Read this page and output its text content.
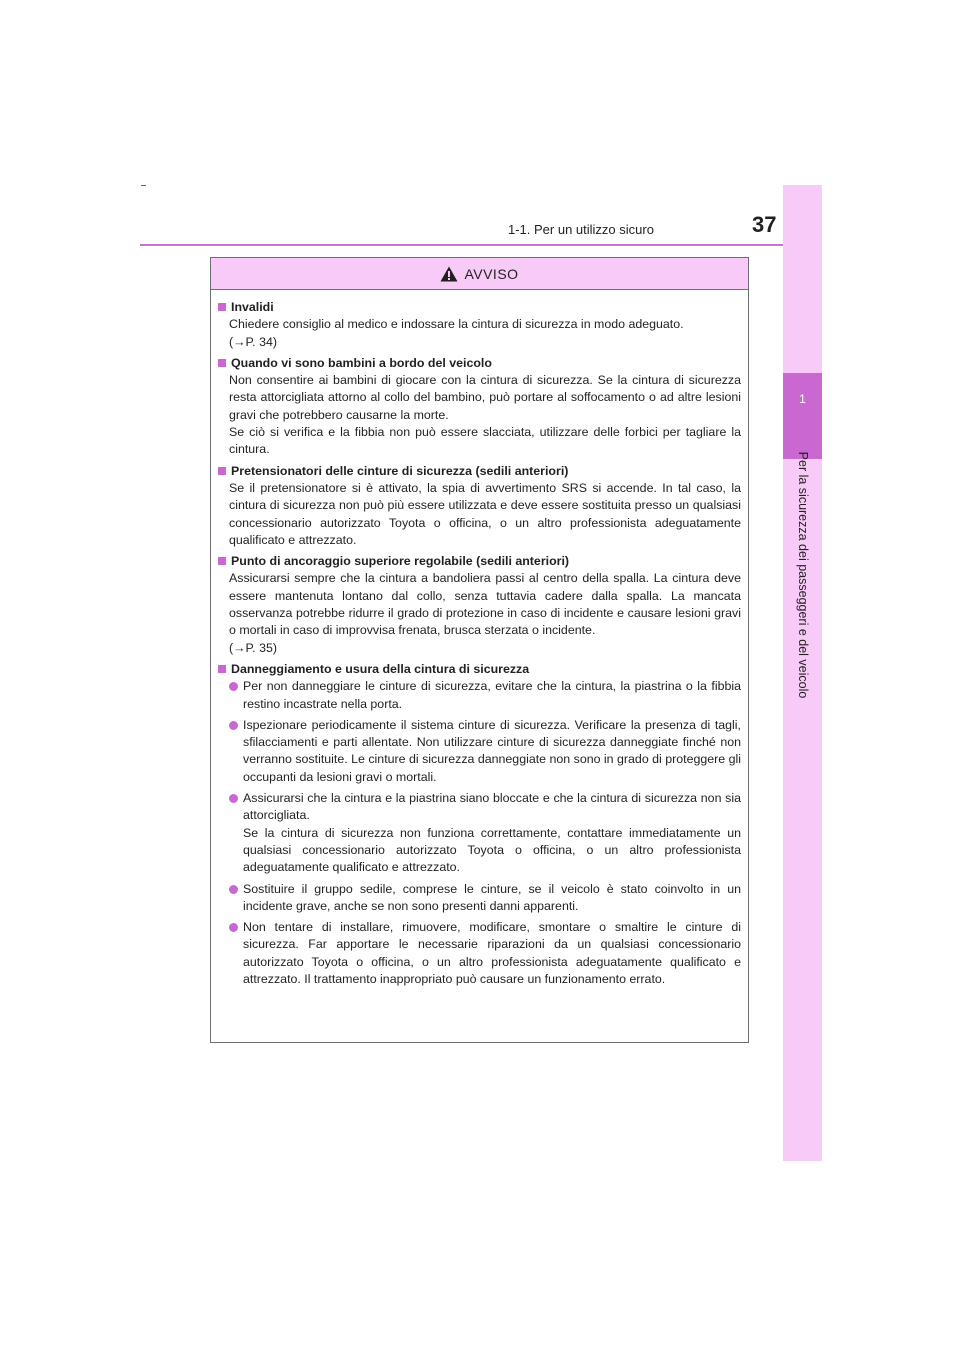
1-1. Per un utilizzo sicuro	37
1
Per la sicurezza dei passeggeri e del veicolo
AVVISO
Invalidi
Chiedere consiglio al medico e indossare la cintura di sicurezza in modo adeguato.
(→P. 34)
Quando vi sono bambini a bordo del veicolo
Non consentire ai bambini di giocare con la cintura di sicurezza. Se la cintura di sicurezza resta attorcigliata attorno al collo del bambino, può portare al soffocamento o ad altre lesioni gravi che potrebbero causarne la morte.
Se ciò si verifica e la fibbia non può essere slacciata, utilizzare delle forbici per tagliare la cintura.
Pretensionatori delle cinture di sicurezza (sedili anteriori)
Se il pretensionatore si è attivato, la spia di avvertimento SRS si accende. In tal caso, la cintura di sicurezza non può più essere utilizzata e deve essere sostituita presso un qualsiasi concessionario autorizzato Toyota o officina, o un altro professionista adeguatamente qualificato e attrezzato.
Punto di ancoraggio superiore regolabile (sedili anteriori)
Assicurarsi sempre che la cintura a bandoliera passi al centro della spalla. La cintura deve essere mantenuta lontano dal collo, senza tuttavia cadere dalla spalla. La mancata osservanza potrebbe ridurre il grado di protezione in caso di incidente e causare lesioni gravi o mortali in caso di improvvisa frenata, brusca sterzata o incidente.
(→P. 35)
Danneggiamento e usura della cintura di sicurezza
Per non danneggiare le cinture di sicurezza, evitare che la cintura, la piastrina o la fibbia restino incastrate nella porta.
Ispezionare periodicamente il sistema cinture di sicurezza. Verificare la presenza di tagli, sfilacciamenti e parti allentate. Non utilizzare cinture di sicurezza danneggiate finché non verranno sostituite. Le cinture di sicurezza danneggiate non sono in grado di proteggere gli occupanti da lesioni gravi o mortali.
Assicurarsi che la cintura e la piastrina siano bloccate e che la cintura di sicurezza non sia attorcigliata.
Se la cintura di sicurezza non funziona correttamente, contattare immediatamente un qualsiasi concessionario autorizzato Toyota o officina, o un altro professionista adeguatamente qualificato e attrezzato.
Sostituire il gruppo sedile, comprese le cinture, se il veicolo è stato coinvolto in un incidente grave, anche se non sono presenti danni apparenti.
Non tentare di installare, rimuovere, modificare, smontare o smaltire le cinture di sicurezza. Far apportare le necessarie riparazioni da un qualsiasi concessionario autorizzato Toyota o officina, o un altro professionista adeguatamente qualificato e attrezzato. Il trattamento inappropriato può causare un funzionamento errato.
